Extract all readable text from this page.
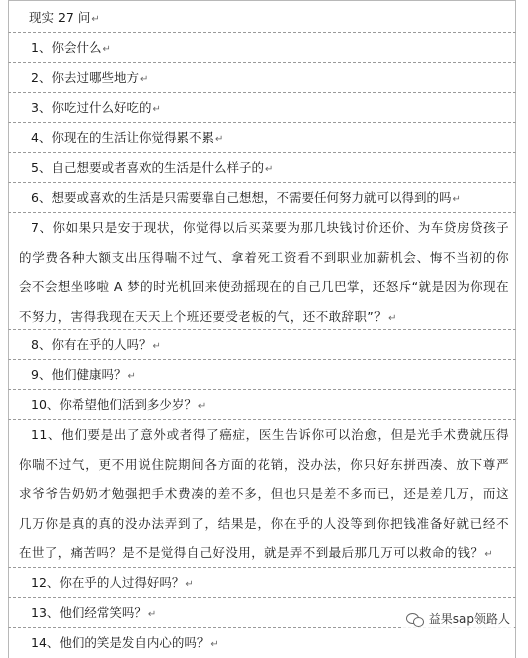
现实 27 问↵
1、你会什么↵
2、你去过哪些地方↵
3、你吃过什么好吃的↵
4、你现在的生活让你觉得累不累↵
5、自己想要或者喜欢的生活是什么样子的↵
6、想要或喜欢的生活是只需要靠自己想想，不需要任何努力就可以得到的吗↵
7、你如果只是安于现状，你觉得以后买菜要为那几块钱讨价还价、为车贷房贷孩子的学费各种大额支出压得喘不过气、拿着死工资看不到职业加薪机会、悔不当初的你会不会想坐哆啦 A 梦的时光机回来使劲摇现在的自己几巴掌，还怒斥“就是因为你现在不努力，害得我现在天天上个班还要受老板的气，还不敢辞职”？↵
8、你有在乎的人吗？↵
9、他们健康吗？↵
10、你希望他们活到多少岁？↵
11、他们要是出了意外或者得了癌症，医生告诉你可以治愈，但是光手术费就压得你喘不过气，更不用说住院期间各方面的花销，没办法，你只好东拼西凑、放下尊严求爷爷告奶奶才勉强把手术费凑的差不多，但也只是差不多而已，还是差几万，而这几万你是真的真的没办法弄到了，结果是，你在乎的人没等到你把钱准备好就已经不在世了，痛苦吗？是不是觉得自己好没用，就是弄不到最后那几万可以救命的钱？↵
12、你在乎的人过得好吗？↵
13、他们经常笑吗？↵
14、他们的笑是发自内心的吗？↵
益果sap领路人
